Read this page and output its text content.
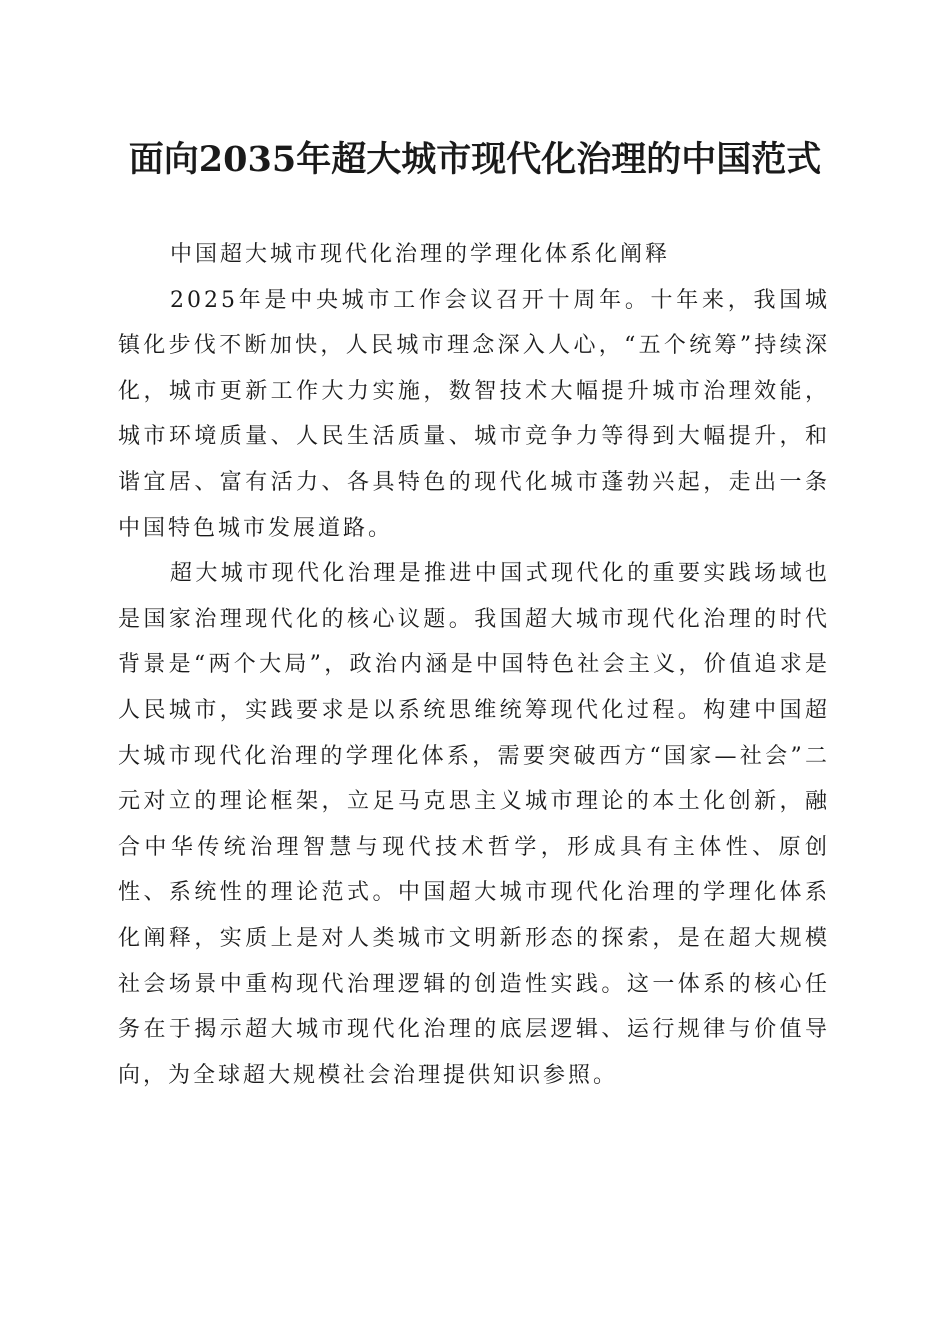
面向2035年超大城市现代化治理的中国范式

中国超大城市现代化治理的学理化体系化阐释

2025年是中央城市工作会议召开十周年。十年来，我国城镇化步伐不断加快，人民城市理念深入人心，“五个统筹”持续深化，城市更新工作大力实施，数智技术大幅提升城市治理效能，城市环境质量、人民生活质量、城市竞争力等得到大幅提升，和谐宜居、富有活力、各具特色的现代化城市蓬勃兴起，走出一条中国特色城市发展道路。

超大城市现代化治理是推进中国式现代化的重要实践场域也是国家治理现代化的核心议题。我国超大城市现代化治理的时代背景是“两个大局”，政治内涵是中国特色社会主义，价值追求是人民城市，实践要求是以系统思维统筹现代化过程。构建中国超大城市现代化治理的学理化体系，需要突破西方“国家—社会”二元对立的理论框架，立足马克思主义城市理论的本土化创新，融合中华传统治理智慧与现代技术哲学，形成具有主体性、原创性、系统性的理论范式。中国超大城市现代化治理的学理化体系化阐释，实质上是对人类城市文明新形态的探索，是在超大规模社会场景中重构现代治理逻辑的创造性实践。这一体系的核心任务在于揭示超大城市现代化治理的底层逻辑、运行规律与价值导向，为全球超大规模社会治理提供知识参照。
